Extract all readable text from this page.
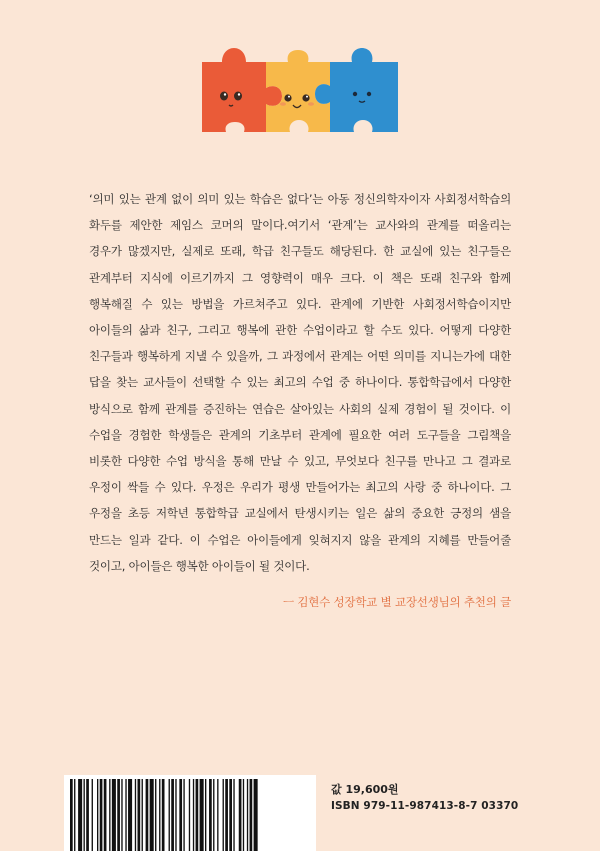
‘의미 있는 관계 없이 의미 있는 학습은 없다’는 아동 정신의학자이자 사회정서학습의 화두를 제안한 제임스 코머의 말이다.여기서 ‘관계’는 교사와의 관계를 떠올리는 경우가 많겠지만, 실제로 또래, 학급 친구들도 해당된다. 한 교실에 있는 친구들은 관계부터 지식에 이르기까지 그 영향력이 매우 크다. 이 책은 또래 친구와 함께 행복해질 수 있는 방법을 가르쳐주고 있다. 관계에 기반한 사회정서학습이지만 아이들의 삶과 친구, 그리고 행복에 관한 수업이라고 할 수도 있다. 어떻게 다양한 친구들과 행복하게 지낼 수 있을까, 그 과정에서 관계는 어떤 의미를 지니는가에 대한 답을 찾는 교사들이 선택할 수 있는 최고의 수업 중 하나이다. 통합학급에서 다양한 방식으로 함께 관계를 증진하는 연습은 살아있는 사회의 실제 경험이 될 것이다. 이 수업을 경험한 학생들은 관계의 기초부터 관계에 필요한 여러 도구들을 그림책을 비롯한 다양한 수업 방식을 통해 만날 수 있고, 무엇보다 친구를 만나고 그 결과로 우정이 싹들 수 있다. 우정은 우리가 평생 만들어가는 최고의 사랑 중 하나이다. 그 우정을 초등 저학년 통합학급 교실에서 탄생시키는 일은 삶의 중요한 긍정의 샘을 만드는 일과 같다. 이 수업은 아이들에게 잊혀지지 않을 관계의 지혜를 만들어줄 것이고, 아이들은 행복한 아이들이 될 것이다.

ㅡ 김현수 성장학교 별 교장선생님의 추천의 글
값 19,600원
ISBN 979-11-987413-8-7 03370
